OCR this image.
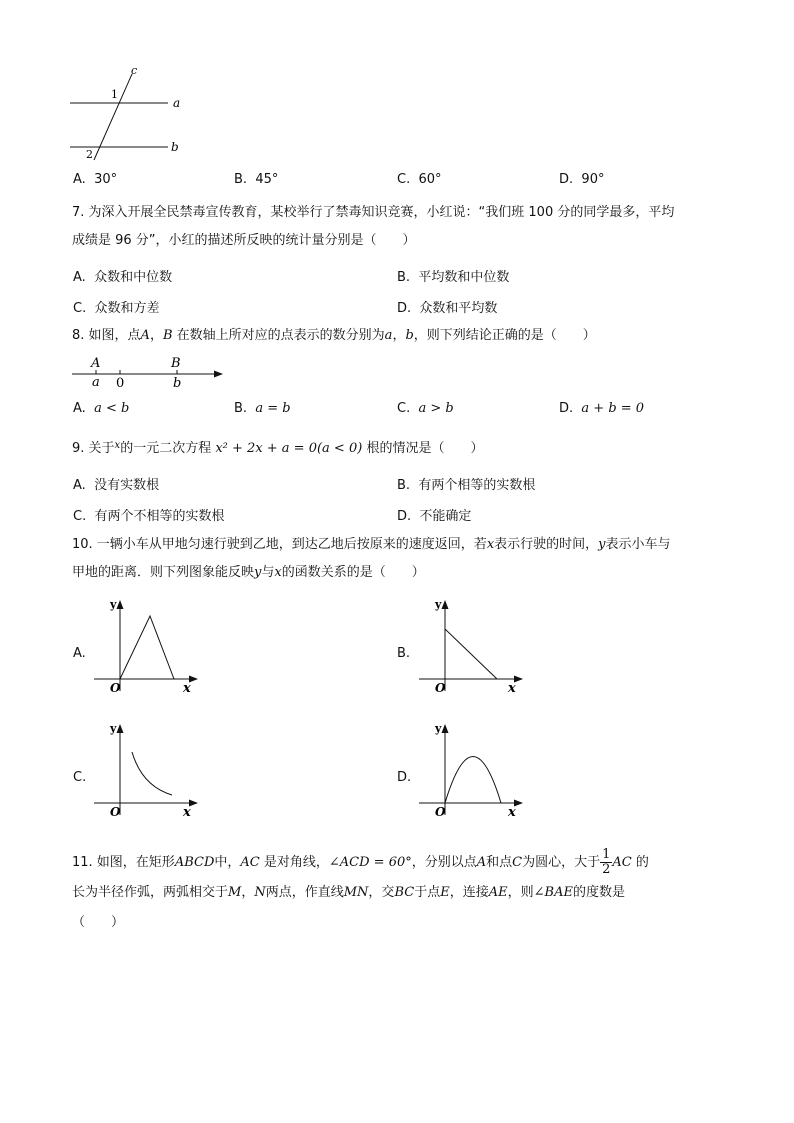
a
b
c
1
2
A. 30°	B. 45°	C. 60°	D. 90°
7. 为深入开展全民禁毒宣传教育，某校举行了禁毒知识竞赛，小红说：“我们班 100 分的同学最多，平均
成绩是 96 分”，小红的描述所反映的统计量分别是（　　）
A. 众数和中位数	B. 平均数和中位数
C. 众数和方差	D. 众数和平均数
8. 如图，点A，B 在数轴上所对应的点表示的数分别为a，b，则下列结论正确的是（　　）
A	B
a 0	b
A. a < b	B. a = b	C. a > b	D. a + b = 0
9. 关于$^x$的一元二次方程 x² + 2x + a = 0(a < 0) 根的情况是（　　）
A. 没有实数根	B. 有两个相等的实数根
C. 有两个不相等的实数根	D. 不能确定
10. 一辆小车从甲地匀速行驶到乙地，到达乙地后按原来的速度返回，若x表示行驶的时间，y表示小车与
甲地的距离．则下列图象能反映y与x的函数关系的是（　　）
A.
y
O	x
B.
y
O	x
C.
y
O	x
D.
y
O	x
11. 如图，在矩形ABCD中，AC 是对角线，∠ACD = 60°，分别以点A和点C为圆心，大于 $\frac{1}{2}$ AC 的
长为半径作弧，两弧相交于M，N两点，作直线MN，交BC于点E，连接AE，则∠BAE的度数是
（　　）
